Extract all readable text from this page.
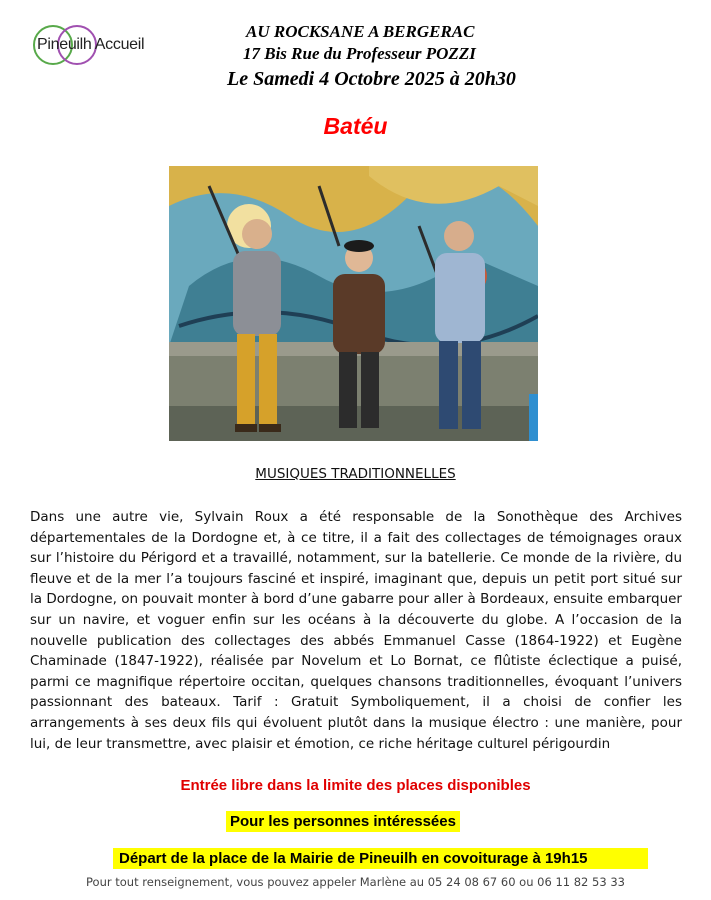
Pineuilh Accueil
AU ROCKSANE A BERGERAC
17 Bis Rue du Professeur POZZI
Le Samedi 4 Octobre 2025 à 20h30
Batéu
MUSIQUES TRADITIONNELLES
Dans une autre vie, Sylvain Roux a été responsable de la Sonothèque des Archives départementales de la Dordogne et, à ce titre, il a fait des collectages de témoignages oraux sur l’histoire du Périgord et a travaillé, notamment, sur la batellerie. Ce monde de la rivière, du fleuve et de la mer l’a toujours fasciné et inspiré, imaginant que, depuis un petit port situé sur la Dordogne, on pouvait monter à bord d’une gabarre pour aller à Bordeaux, ensuite embarquer sur un navire, et voguer enfin sur les océans à la découverte du globe. A l’occasion de la nouvelle publication des collectages des abbés Emmanuel Casse (1864-1922) et Eugène Chaminade (1847-1922), réalisée par Novelum et Lo Bornat, ce flûtiste éclectique a puisé, parmi ce magnifique répertoire occitan, quelques chansons traditionnelles, évoquant l’univers passionnant des bateaux. Tarif : Gratuit Symboliquement, il a choisi de confier les arrangements à ses deux fils qui évoluent plutôt dans la musique électro : une manière, pour lui, de leur transmettre, avec plaisir et émotion, ce riche héritage culturel périgourdin
Entrée libre dans la limite des places disponibles
Pour les personnes intéressées
Départ de la place de la Mairie de Pineuilh en covoiturage à 19h15
Pour tout renseignement, vous pouvez appeler Marlène au 05 24 08 67 60 ou 06 11 82 53 33
